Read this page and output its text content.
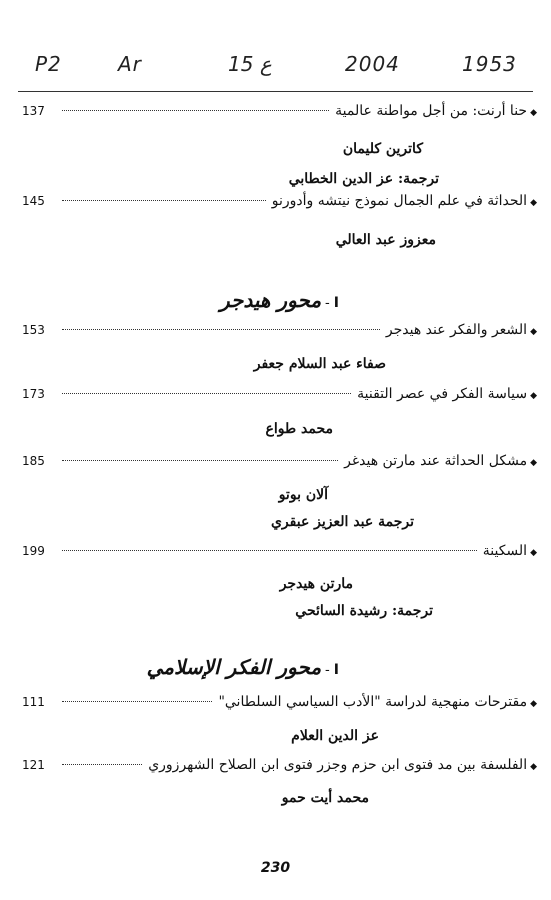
P2	Ar	15 ع	2004	1953
137	◆حنا أرنت: من أجل مواطنة عالمية
كاترين كليمان
ترجمة: عز الدين الخطابي
145	◆الحداثة في علم الجمال نموذج نيتشه وأدورنو
معزوز عبد العالي
I-محور هيدجر
153	◆الشعر والفكر عند هيدجر
صفاء عبد السلام جعفر
173	◆سياسة الفكر في عصر التقنية
محمد طواع
185	◆مشكل الحداثة عند مارتن هيدغر
آلان بوتو
ترجمة عبد العزيز عبقري
199	◆السكينة
مارتن هيدجر
ترجمة: رشيدة السائحي
I-محور الفكر الإسلامي
111	◆مقترحات منهجية لدراسة "الأدب السياسي السلطاني"
عز الدين العلام
121	◆الفلسفة بين مد فتوى ابن حزم وجزر فتوى ابن الصلاح الشهرزوري
محمد أيت حمو
230
